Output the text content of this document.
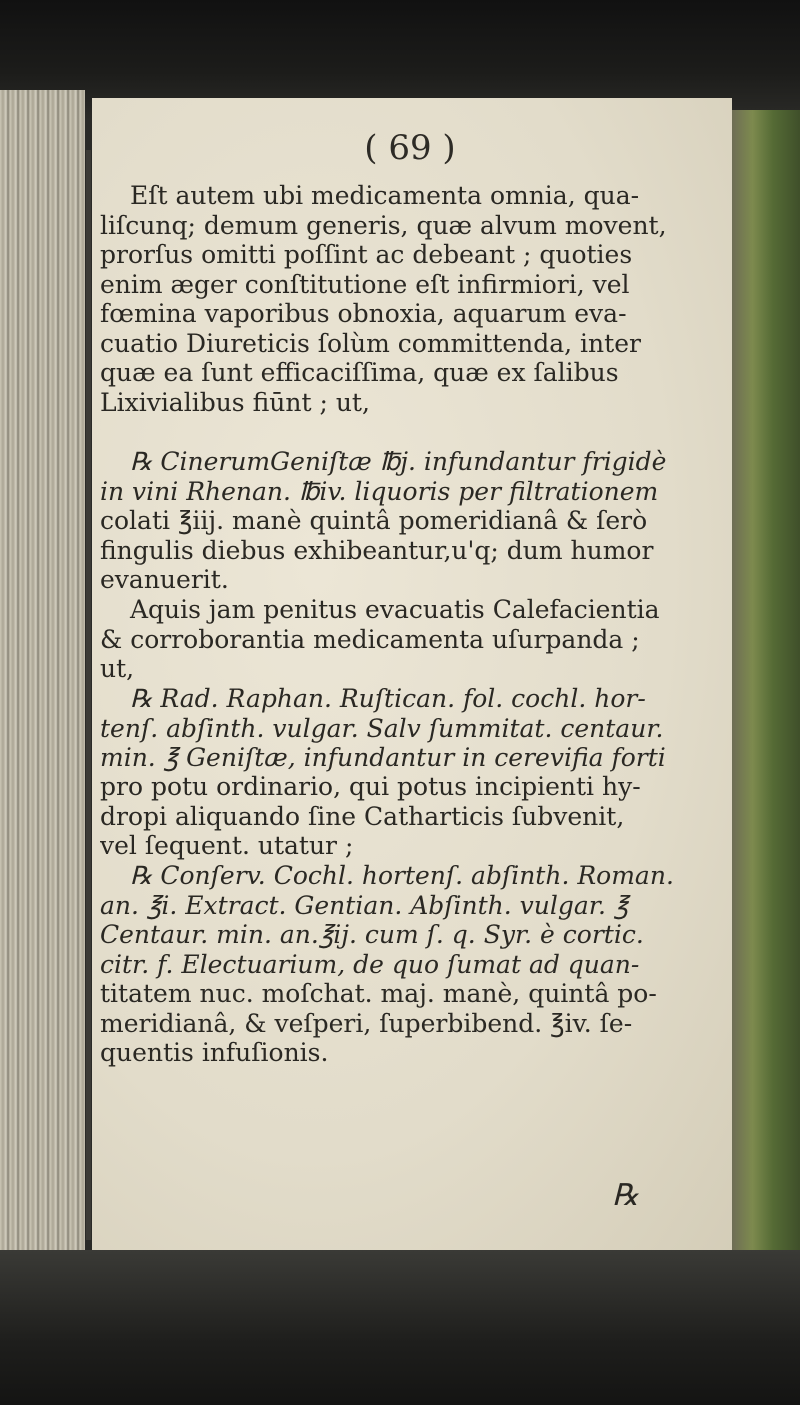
( 69 )
Eſt autem ubi medicamenta omnia, qua-
liſcunq; demum generis, quæ alvum movent,
prorſus omitti poſſint ac debeant ; quoties
enim æger conſtitutione eſt infirmiori, vel
fœmina vaporibus obnoxia, aquarum eva-
cuatio Diureticis ſolùm committenda, inter
quæ ea ſunt efficaciſſima, quæ ex ſalibus
Lixivialibus fiūnt ; ut,
℞ CinerumGeniſtæ ℔j. infundantur frigidè
in vini Rhenan. ℔iv. liquoris per filtrationem
colati ℥iij. manè quintâ pomeridianâ & ſerò
fingulis diebus exhibeantur,u'q; dum humor
evanuerit.
Aquis jam penitus evacuatis Calefacientia
& corroborantia medicamenta uſurpanda ;
ut,
℞ Rad. Raphan. Ruſtican. fol. cochl. hor-
tenſ. abſinth. vulgar. Salv ſummitat. centaur.
min. ℥ Geniſtæ, infundantur in cerevifia forti
pro potu ordinario, qui potus incipienti hy-
dropi aliquando ſine Catharticis ſubvenit,
vel ſequent. utatur ;
℞ Conſerv. Cochl. hortenſ. abſinth. Roman.
an. ℥i. Extract. Gentian. Abſinth. vulgar. ℥
Centaur. min. an.℥ij. cum ſ. q. Syr. è cortic.
citr. f. Electuarium, de quo ſumat ad quan-
titatem nuc. moſchat. maj. manè, quintâ po-
meridianâ, & veſperi, ſuperbibend. ℥iv. ſe-
quentis infuſionis.
℞
